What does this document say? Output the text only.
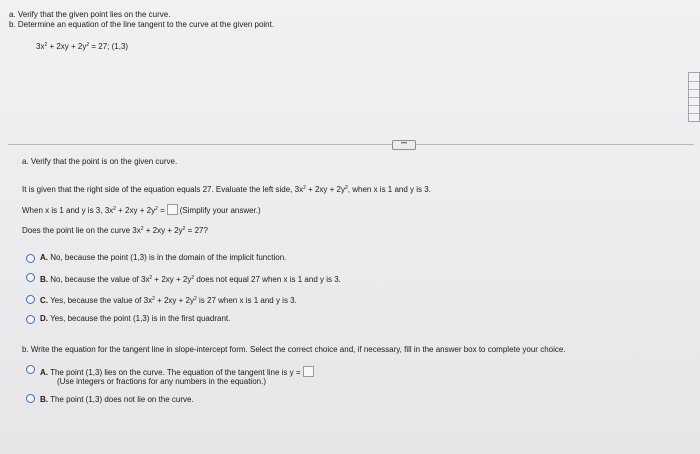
a. Verify that the given point lies on the curve.
b. Determine an equation of the line tangent to the curve at the given point.
$3x^2 + 2xy + 2y^2 = 27$; (1,3)
•••
a. Verify that the point is on the given curve.
It is given that the right side of the equation equals 27. Evaluate the left side, $3x^2 + 2xy + 2y^2$, when x is 1 and y is 3.
When x is 1 and y is 3, $3x^2 + 2xy + 2y^2$ = (Simplify your answer.)
Does the point lie on the curve $3x^2 + 2xy + 2y^2 = 27$?
A. No, because the point (1,3) is in the domain of the implicit function.
B. No, because the value of $3x^2 + 2xy + 2y^2$ does not equal 27 when x is 1 and y is 3.
C. Yes, because the value of $3x^2 + 2xy + 2y^2$ is 27 when x is 1 and y is 3.
D. Yes, because the point (1,3) is in the first quadrant.
b. Write the equation for the tangent line in slope-intercept form. Select the correct choice and, if necessary, fill in the answer box to complete your choice.
A. The point (1,3) lies on the curve. The equation of the tangent line is y =
(Use integers or fractions for any numbers in the equation.)
B. The point (1,3) does not lie on the curve.
